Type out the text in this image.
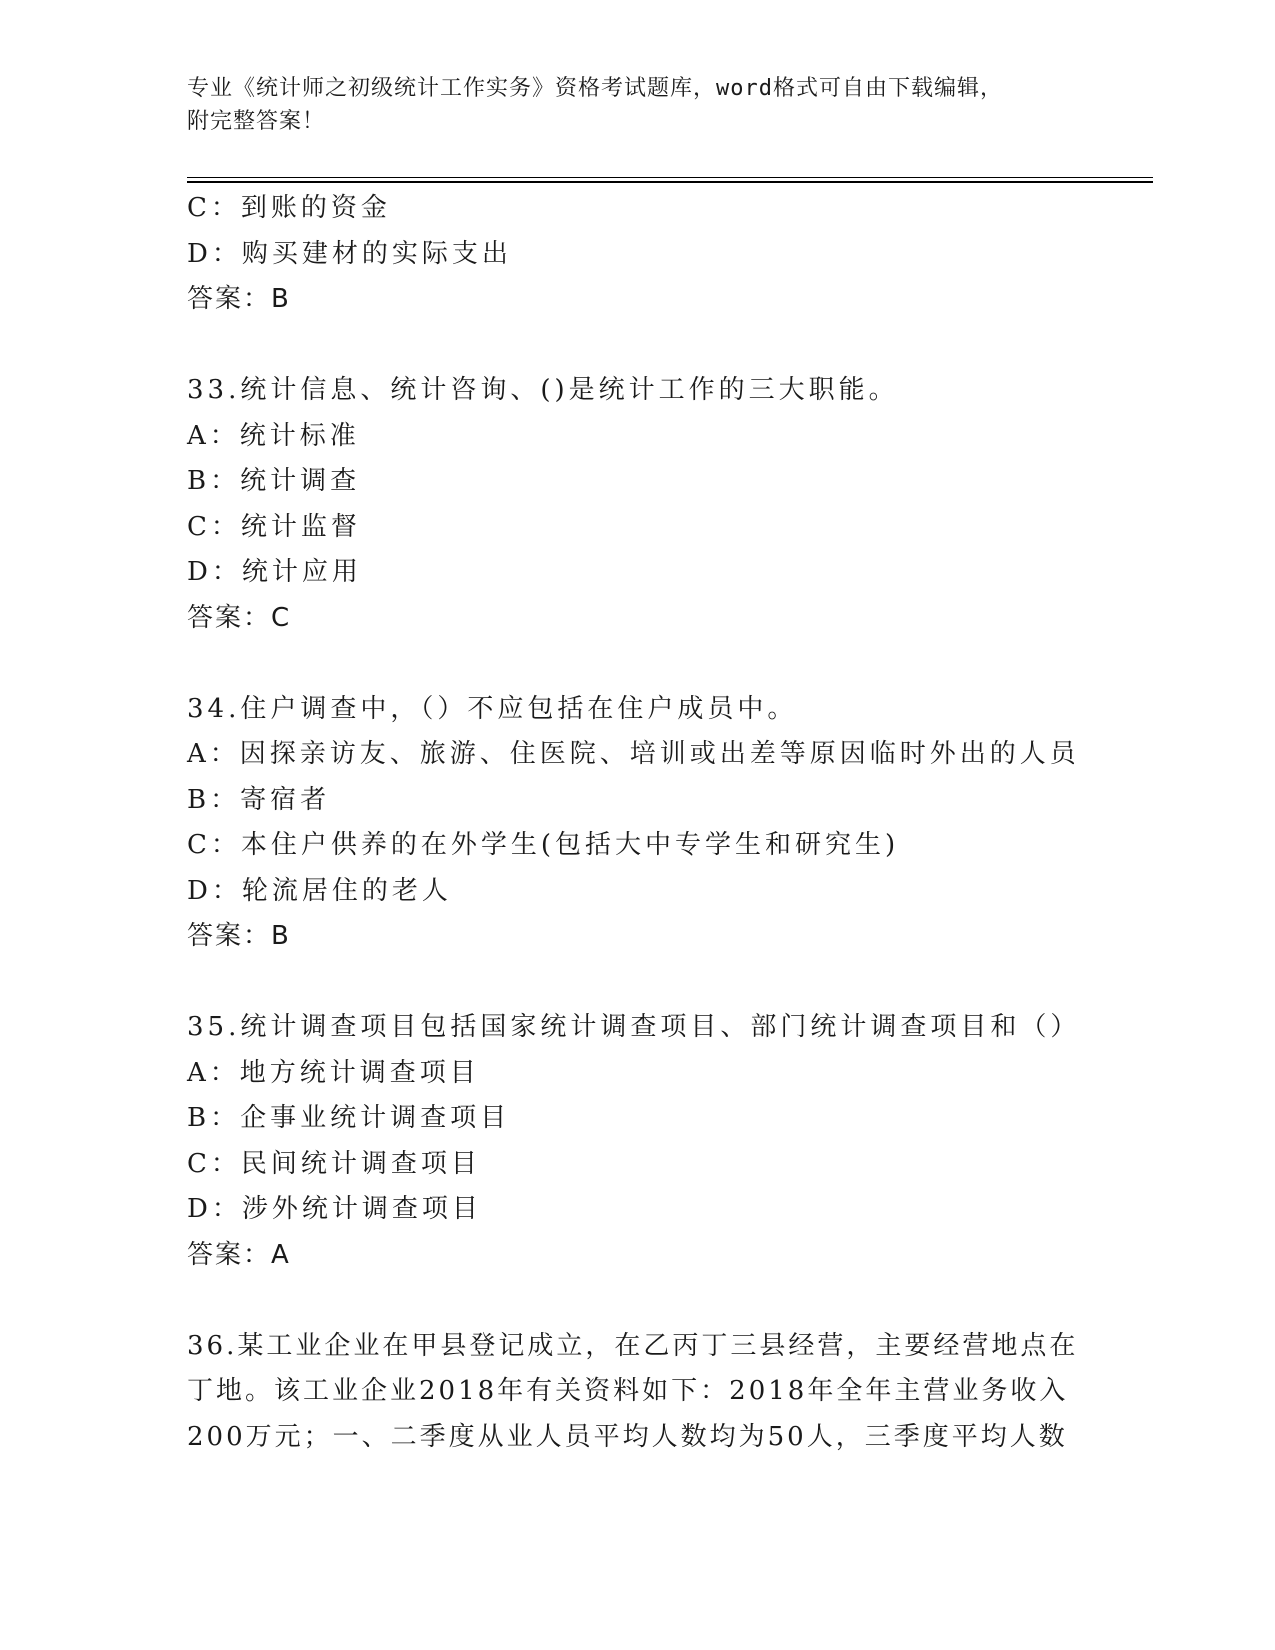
专业《统计师之初级统计工作实务》资格考试题库，word格式可自由下载编辑，
附完整答案！
C：到账的资金
D：购买建材的实际支出
答案：B
33.统计信息、统计咨询、()是统计工作的三大职能。
A：统计标准
B：统计调查
C：统计监督
D：统计应用
答案：C
34.住户调查中，（）不应包括在住户成员中。
A：因探亲访友、旅游、住医院、培训或出差等原因临时外出的人员
B：寄宿者
C：本住户供养的在外学生(包括大中专学生和研究生)
D：轮流居住的老人
答案：B
35.统计调查项目包括国家统计调查项目、部门统计调查项目和（）
A：地方统计调查项目
B：企事业统计调查项目
C：民间统计调查项目
D：涉外统计调查项目
答案：A
36.某工业企业在甲县登记成立，在乙丙丁三县经营，主要经营地点在
丁地。该工业企业2018年有关资料如下：2018年全年主营业务收入
200万元；一、二季度从业人员平均人数均为50人，三季度平均人数
